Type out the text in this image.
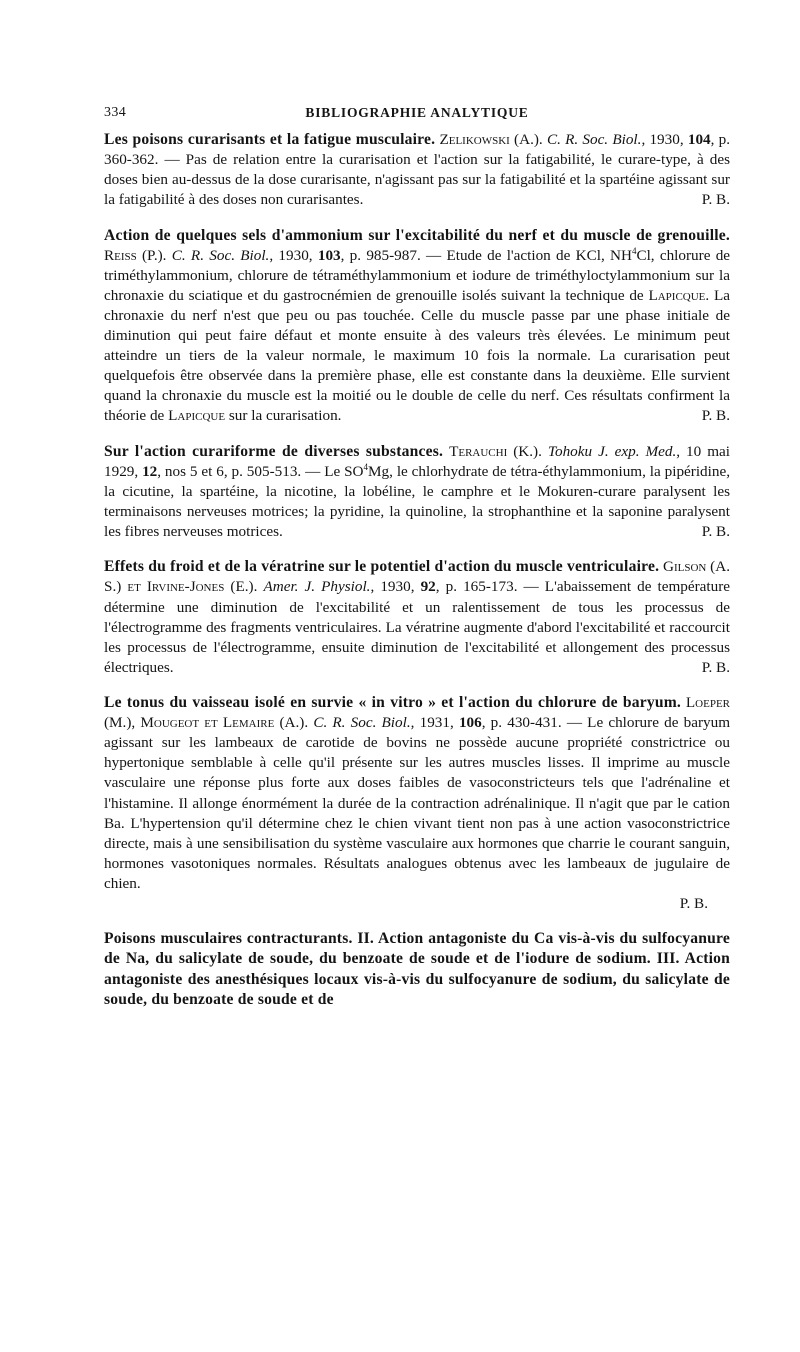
334	BIBLIOGRAPHIE ANALYTIQUE

Les poisons curarisants et la fatigue musculaire. Zelikowski (A.). C. R. Soc. Biol., 1930, 104, p. 360-362. — Pas de relation entre la curarisation et l'action sur la fatigabilité, le curare-type, à des doses bien au-dessus de la dose curarisante, n'agissant pas sur la fatigabilité et la spartéine agissant sur la fatigabilité à des doses non curarisantes.	P. B.

Action de quelques sels d'ammonium sur l'excitabilité du nerf et du muscle de grenouille. Reiss (P.). C. R. Soc. Biol., 1930, 103, p. 985-987. — Etude de l'action de KCl, $NH^4Cl$, chlorure de triméthylammonium, chlorure de tétraméthylammonium et iodure de triméthyloctylammonium sur la chronaxie du sciatique et du gastrocnémien de grenouille isolés suivant la technique de Lapicque. La chronaxie du nerf n'est que peu ou pas touchée. Celle du muscle passe par une phase initiale de diminution qui peut faire défaut et monte ensuite à des valeurs très élevées. Le minimum peut atteindre un tiers de la valeur normale, le maximum 10 fois la normale. La curarisation peut quelquefois être observée dans la première phase, elle est constante dans la deuxième. Elle survient quand la chronaxie du muscle est la moitié ou le double de celle du nerf. Ces résultats confirment la théorie de Lapicque sur la curarisation.	P. B.

Sur l'action curariforme de diverses substances. Terauchi (K.). Tohoku J. exp. Med., 10 mai 1929, 12, nos 5 et 6, p. 505-513. — Le $SO^4Mg$, le chlorhydrate de tétra-éthylammonium, la pipéridine, la cicutine, la spartéine, la nicotine, la lobéline, le camphre et le Mokuren-curare paralysent les terminaisons nerveuses motrices; la pyridine, la quinoline, la strophanthine et la saponine paralysent les fibres nerveuses motrices.	P. B.

Effets du froid et de la vératrine sur le potentiel d'action du muscle ventriculaire. Gilson (A. S.) et Irvine-Jones (E.). Amer. J. Physiol., 1930, 92, p. 165-173. — L'abaissement de température détermine une diminution de l'excitabilité et un ralentissement de tous les processus de l'électrogramme des fragments ventriculaires. La vératrine augmente d'abord l'excitabilité et raccourcit les processus de l'électrogramme, ensuite diminution de l'excitabilité et allongement des processus électriques.	P. B.

Le tonus du vaisseau isolé en survie « in vitro » et l'action du chlorure de baryum. Loeper (M.), Mougeot et Lemaire (A.). C. R. Soc. Biol., 1931, 106, p. 430-431. — Le chlorure de baryum agissant sur les lambeaux de carotide de bovins ne possède aucune propriété constrictrice ou hypertonique semblable à celle qu'il présente sur les autres muscles lisses. Il imprime au muscle vasculaire une réponse plus forte aux doses faibles de vasoconstricteurs tels que l'adrénaline et l'histamine. Il allonge énormément la durée de la contraction adrénalinique. Il n'agit que par le cation Ba. L'hypertension qu'il détermine chez le chien vivant tient non pas à une action vasoconstrictrice directe, mais à une sensibilisation du système vasculaire aux hormones que charrie le courant sanguin, hormones vasotoniques normales. Résultats analogues obtenus avec les lambeaux de jugulaire de chien.
P. B.

Poisons musculaires contracturants. II. Action antagoniste du Ca vis-à-vis du sulfocyanure de Na, du salicylate de soude, du benzoate de soude et de l'iodure de sodium. III. Action antagoniste des anesthésiques locaux vis-à-vis du sulfocyanure de sodium, du salicylate de soude, du benzoate de soude et de
